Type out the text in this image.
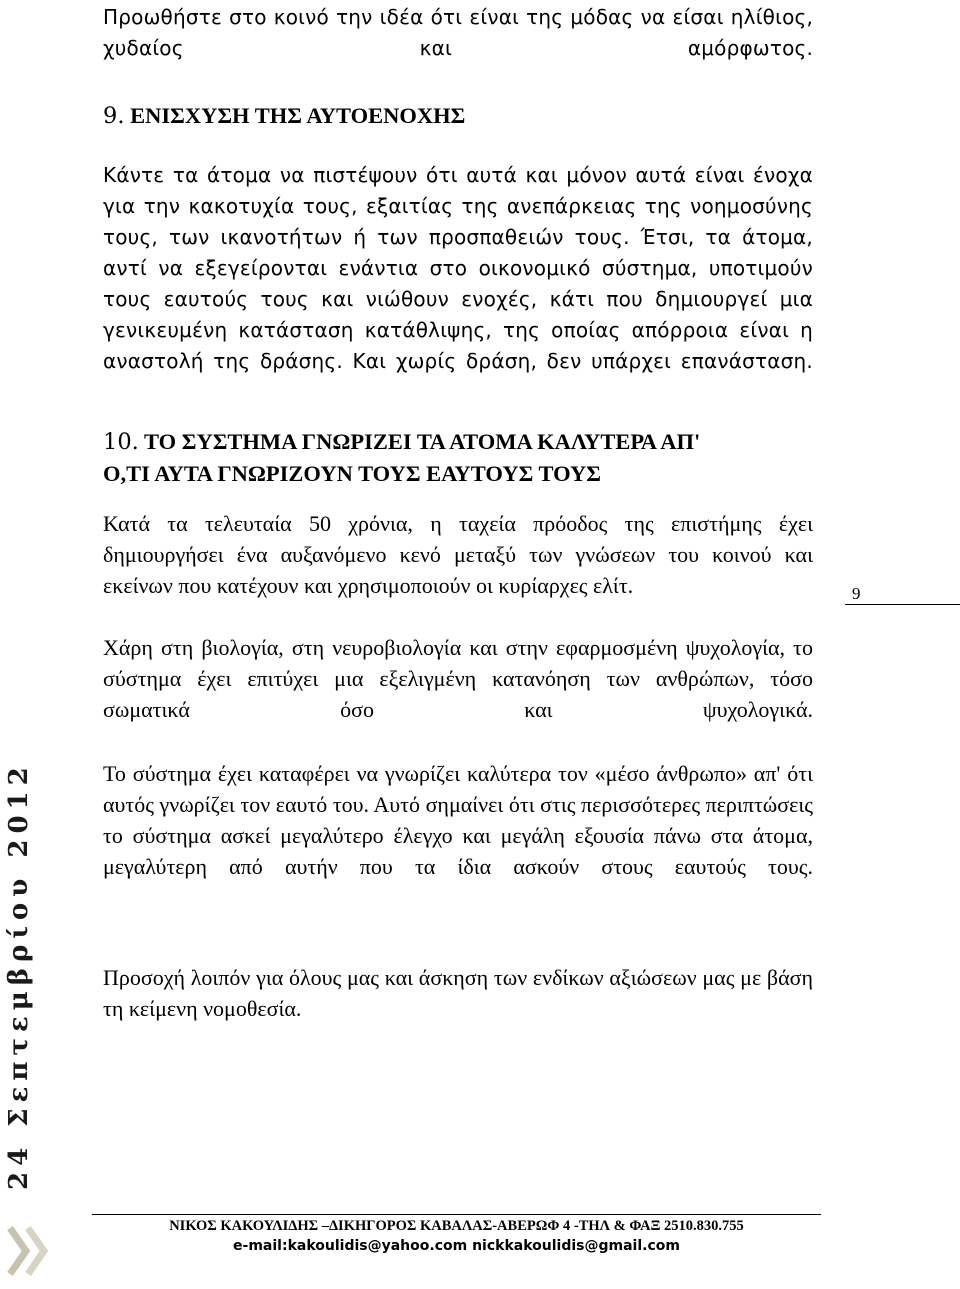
Προωθήστε στο κοινό την ιδέα ότι είναι της μόδας να είσαι ηλίθιος, χυδαίος και αμόρφωτος.

9. ΕΝΙΣΧΥΣΗ ΤΗΣ ΑΥΤΟΕΝΟΧΗΣ

Κάντε τα άτομα να πιστέψουν ότι αυτά και μόνον αυτά είναι ένοχα για την κακοτυχία τους, εξαιτίας της ανεπάρκειας της νοημοσύνης τους, των ικανοτήτων ή των προσπαθειών τους. Έτσι, τα άτομα, αντί να εξεγείρονται ενάντια στο οικονομικό σύστημα, υποτιμούν τους εαυτούς τους και νιώθουν ενοχές, κάτι που δημιουργεί μια γενικευμένη κατάσταση κατάθλιψης, της οποίας απόρροια είναι η αναστολή της δράσης. Και χωρίς δράση, δεν υπάρχει επανάσταση.

10. ΤΟ ΣΥΣΤΗΜΑ ΓΝΩΡΙΖΕΙ ΤΑ ΑΤΟΜΑ ΚΑΛΥΤΕΡΑ ΑΠ'
Ο,ΤΙ ΑΥΤΑ ΓΝΩΡΙΖΟΥΝ ΤΟΥΣ ΕΑΥΤΟΥΣ ΤΟΥΣ

Κατά τα τελευταία 50 χρόνια, η ταχεία πρόοδος της επιστήμης έχει δημιουργήσει ένα αυξανόμενο κενό μεταξύ των γνώσεων του κοινού και εκείνων που κατέχουν και χρησιμοποιούν οι κυρίαρχες ελίτ.

Χάρη στη βιολογία, στη νευροβιολογία και στην εφαρμοσμένη ψυχολογία, το σύστημα έχει επιτύχει μια εξελιγμένη κατανόηση των ανθρώπων, τόσο σωματικά όσο και ψυχολογικά.

Το σύστημα έχει καταφέρει να γνωρίζει καλύτερα τον «μέσο άνθρωπο» απ' ότι αυτός γνωρίζει τον εαυτό του. Αυτό σημαίνει ότι στις περισσότερες περιπτώσεις το σύστημα ασκεί μεγαλύτερο έλεγχο και μεγάλη εξουσία πάνω στα άτομα, μεγαλύτερη από αυτήν που τα ίδια ασκούν στους εαυτούς τους.

Προσοχή λοιπόν για όλους μας και άσκηση των ενδίκων αξιώσεων μας με βάση τη κείμενη νομοθεσία.

9
24 Σεπτεμβρίου 2012
ΝΙΚΟΣ ΚΑΚΟΥΛΙΔΗΣ –ΔΙΚΗΓΟΡΟΣ ΚΑΒΑΛΑΣ-ΑΒΕΡΩΦ 4 -ΤΗΛ & ΦΑΞ 2510.830.755
e-mail:kakoulidis@yahoo.com nickkakoulidis@gmail.com
